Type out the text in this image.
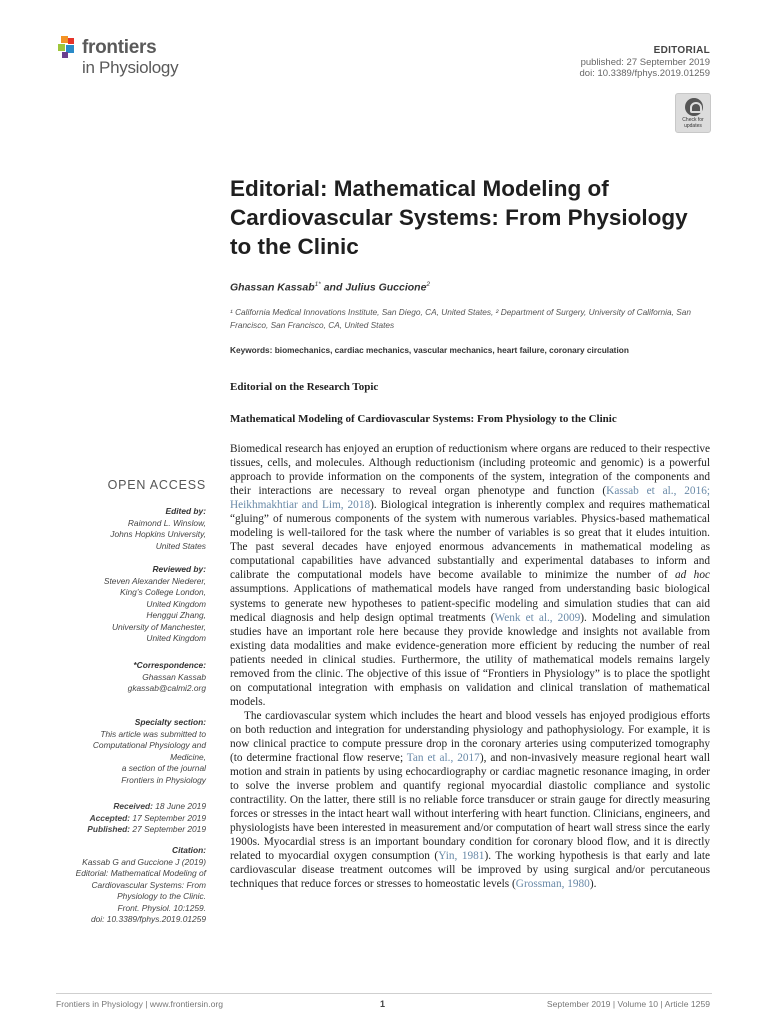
frontiers
in Physiology
EDITORIAL
published: 27 September 2019
doi: 10.3389/fphys.2019.01259
Check for updates
Editorial: Mathematical Modeling of Cardiovascular Systems: From Physiology to the Clinic
Ghassan Kassab$^{1*}$ and Julius Guccione$^2$
¹ California Medical Innovations Institute, San Diego, CA, United States, ² Department of Surgery, University of California, San Francisco, San Francisco, CA, United States
Keywords: biomechanics, cardiac mechanics, vascular mechanics, heart failure, coronary circulation
Editorial on the Research Topic
Mathematical Modeling of Cardiovascular Systems: From Physiology to the Clinic

Biomedical research has enjoyed an eruption of reductionism where organs are reduced to their respective tissues, cells, and molecules. Although reductionism (including proteomic and genomic) is a powerful approach to provide information on the components of the system, integration of the components and their interactions are necessary to reveal organ phenotype and function (Kassab et al., 2016; Heikhmakhtiar and Lim, 2018). Biological integration is inherently complex and requires mathematical “gluing” of numerous components of the system with numerous variables. Physics-based mathematical modeling is well-tailored for the task where the number of variables is so great that it eludes intuition. The past several decades have enjoyed enormous advancements in mathematical modeling as computational capabilities have advanced substantially and experimental databases to inform and calibrate the computational models have become available to minimize the number of ad hoc assumptions. Applications of mathematical models have ranged from understanding basic biological systems to generate new hypotheses to patient-specific modeling and simulation studies that can aid medical diagnosis and help design optimal treatments (Wenk et al., 2009). Modeling and simulation studies have an important role here because they provide knowledge and insights not available from existing data modalities and make evidence-generation more efficient by reducing the number of real patients needed in clinical studies. Furthermore, the utility of mathematical models remains largely removed from the clinic. The objective of this issue of “Frontiers in Physiology” is to place the spotlight on computational integration with emphasis on validation and clinical translation of mathematical models.

The cardiovascular system which includes the heart and blood vessels has enjoyed prodigious efforts on both reduction and integration for understanding physiology and pathophysiology. For example, it is now clinical practice to compute pressure drop in the coronary arteries using computerized tomography (to determine fractional flow reserve; Tan et al., 2017), and non-invasively measure regional heart wall motion and strain in patients by using echocardiography or cardiac magnetic resonance imaging, in order to solve the inverse problem and quantify regional myocardial diastolic compliance and systolic contractility. On the latter, there still is no reliable force transducer or strain gauge for directly measuring forces or stresses in the intact heart wall without interfering with heart function. Clinicians, engineers, and physiologists have been interested in measurement and/or computation of heart wall stress since the early 1900s. Myocardial stress is an important boundary condition for coronary blood flow, and it is directly related to myocardial oxygen consumption (Yin, 1981). The working hypothesis is that early and late cardiovascular disease treatment outcomes will be improved by using surgical and/or percutaneous techniques that reduce forces or stresses to homeostatic levels (Grossman, 1980).

OPEN ACCESS
Edited by:
Raimond L. Winslow,
Johns Hopkins University,
United States
Reviewed by:
Steven Alexander Niederer,
King’s College London,
United Kingdom
Henggui Zhang,
University of Manchester,
United Kingdom
*Correspondence:
Ghassan Kassab
gkassab@calmi2.org
Specialty section:
This article was submitted to
Computational Physiology and
Medicine,
a section of the journal
Frontiers in Physiology
Received: 18 June 2019
Accepted: 17 September 2019
Published: 27 September 2019
Citation:
Kassab G and Guccione J (2019)
Editorial: Mathematical Modeling of
Cardiovascular Systems: From
Physiology to the Clinic.
Front. Physiol. 10:1259.
doi: 10.3389/fphys.2019.01259
Frontiers in Physiology | www.frontiersin.org	1	September 2019 | Volume 10 | Article 1259
